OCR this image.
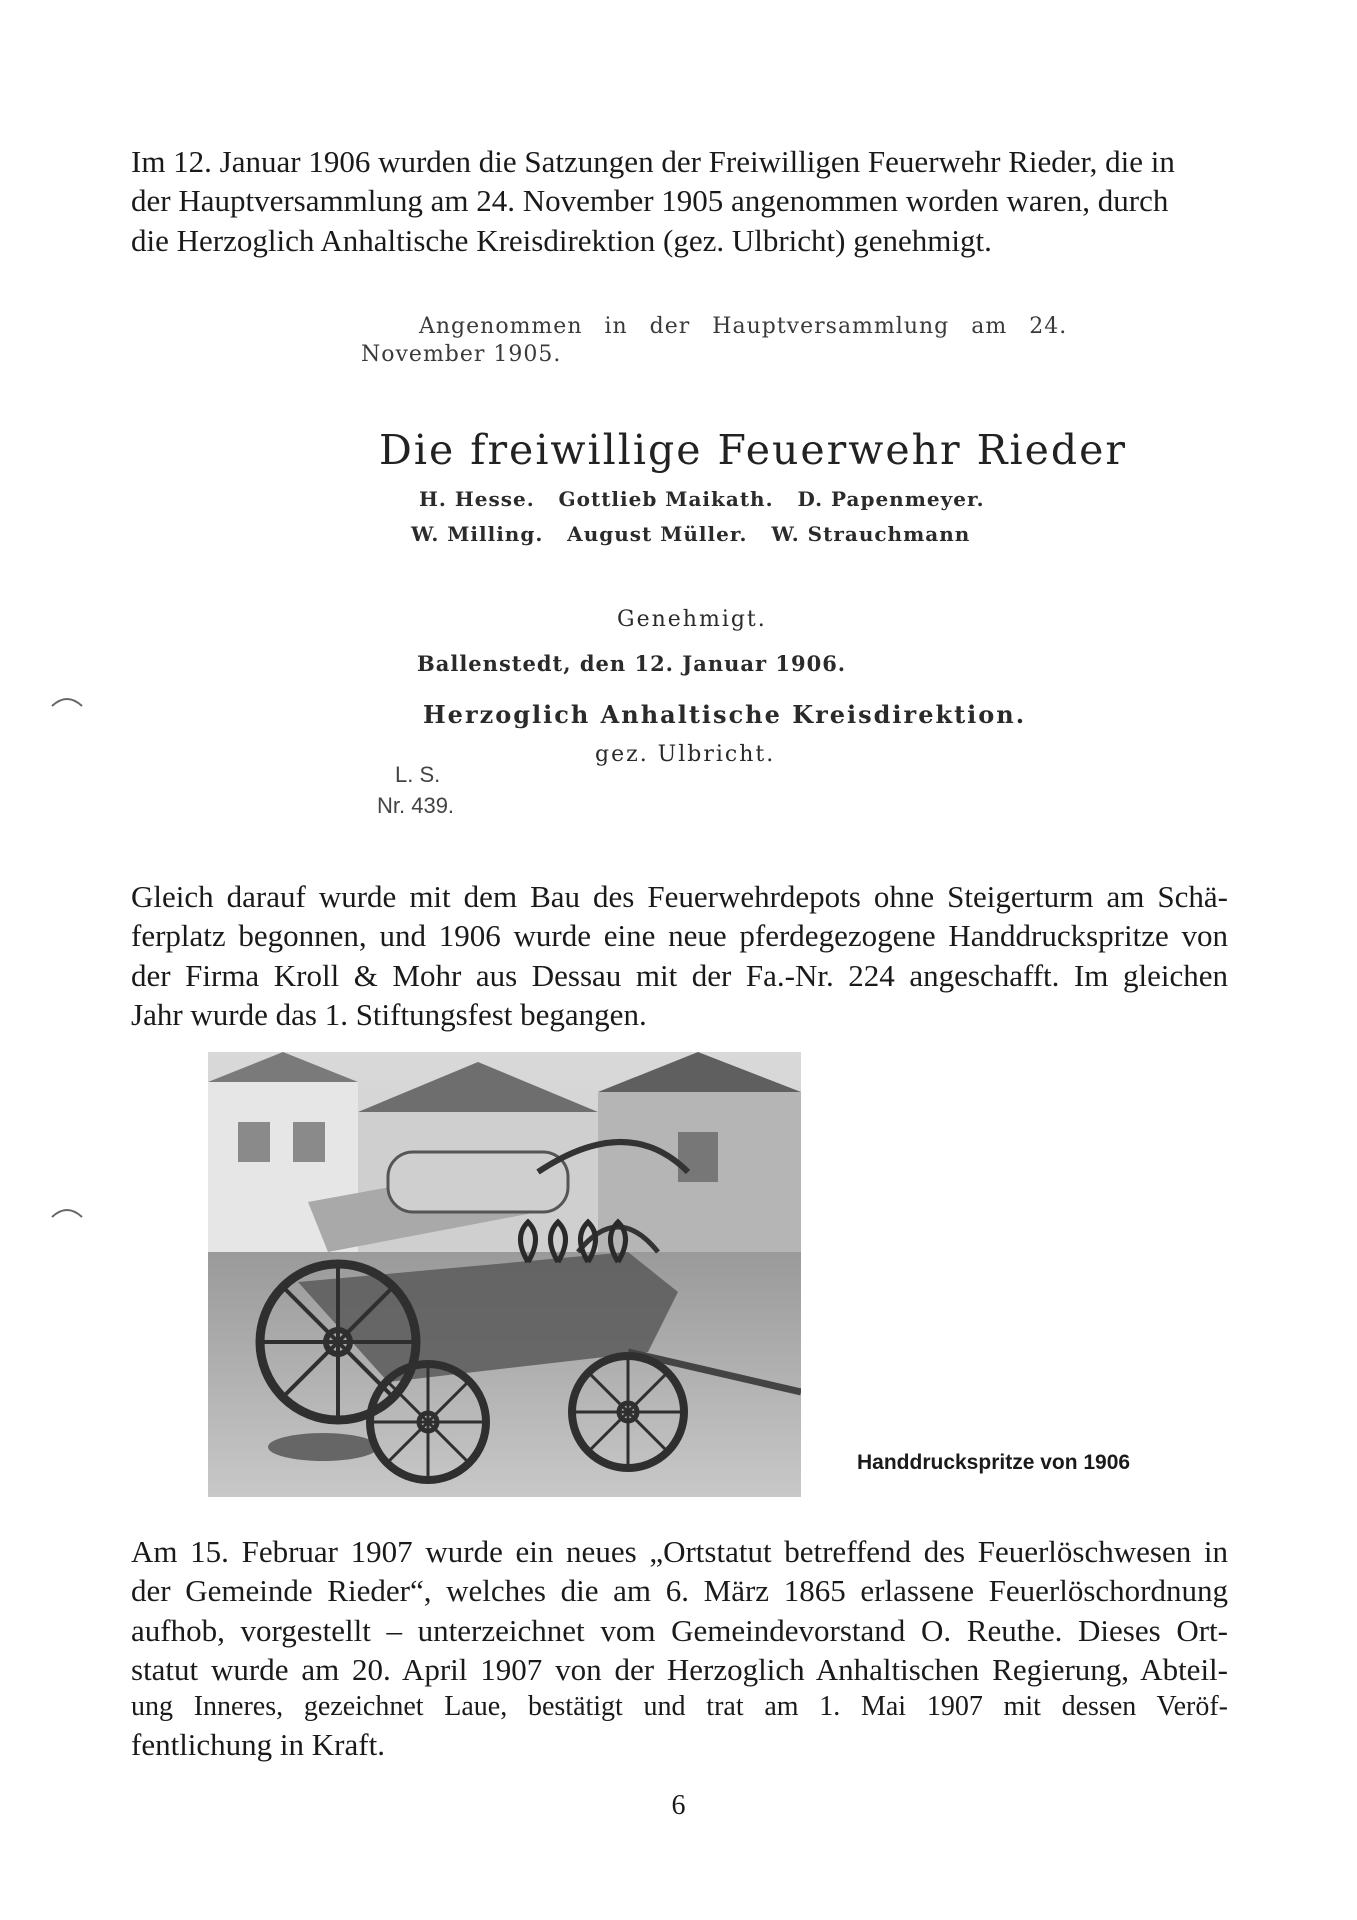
Im 12. Januar 1906 wurden die Satzungen der Freiwilligen Feuerwehr Rieder, die in
der Hauptversammlung am 24. November 1905 angenommen worden waren, durch
die Herzoglich Anhaltische Kreisdirektion (gez. Ulbricht) genehmigt.
Angenommen in der Hauptversammlung am 24.
November 1905.
Die freiwillige Feuerwehr Rieder
H. Hesse.   Gottlieb Maikath.   D. Papenmeyer.
W. Milling.   August Müller.   W. Strauchmann
Genehmigt.
Ballenstedt, den 12. Januar 1906.
Herzoglich Anhaltische Kreisdirektion.
gez. Ulbricht.
L. S.
Nr. 439.
Gleich darauf wurde mit dem Bau des Feuerwehrdepots ohne Steigerturm am Schä-
ferplatz begonnen, und 1906 wurde eine neue pferdegezogene Handdruckspritze von
der Firma Kroll & Mohr aus Dessau mit der Fa.-Nr. 224 angeschafft. Im gleichen
Jahr wurde das 1. Stiftungsfest begangen.
Handdruckspritze von 1906
Am 15. Februar 1907 wurde ein neues „Ortstatut betreffend des Feuerlöschwesen in
der Gemeinde Rieder“, welches die am 6. März 1865 erlassene Feuerlöschordnung
aufhob, vorgestellt – unterzeichnet vom Gemeindevorstand O. Reuthe. Dieses Ort-
statut wurde am 20. April 1907 von der Herzoglich Anhaltischen Regierung, Abteil-
ung Inneres, gezeichnet Laue, bestätigt und trat am 1. Mai 1907 mit dessen Veröf-
fentlichung in Kraft.
6
